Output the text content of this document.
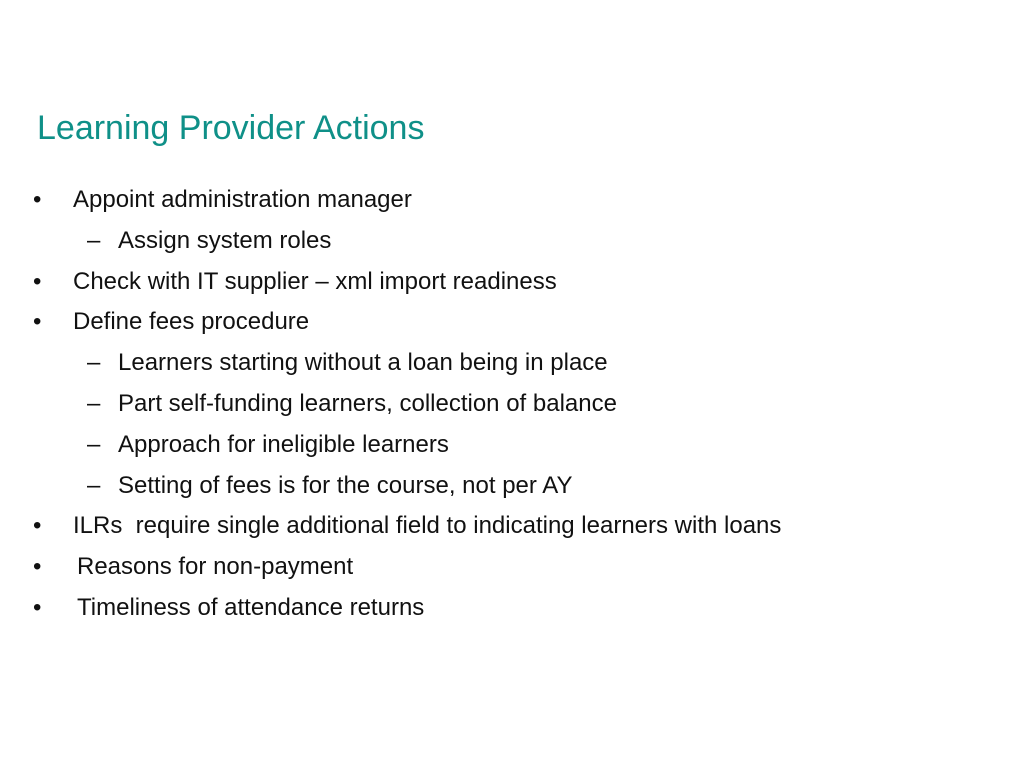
Learning Provider Actions
• Appoint administration manager
– Assign system roles
• Check with IT supplier – xml import readiness
• Define fees procedure
– Learners starting without a loan being in place
– Part self-funding learners, collection of balance
– Approach for ineligible learners
– Setting of fees is for the course, not per AY
• ILRs  require single additional field to indicating learners with loans
• Reasons for non-payment
• Timeliness of attendance returns
